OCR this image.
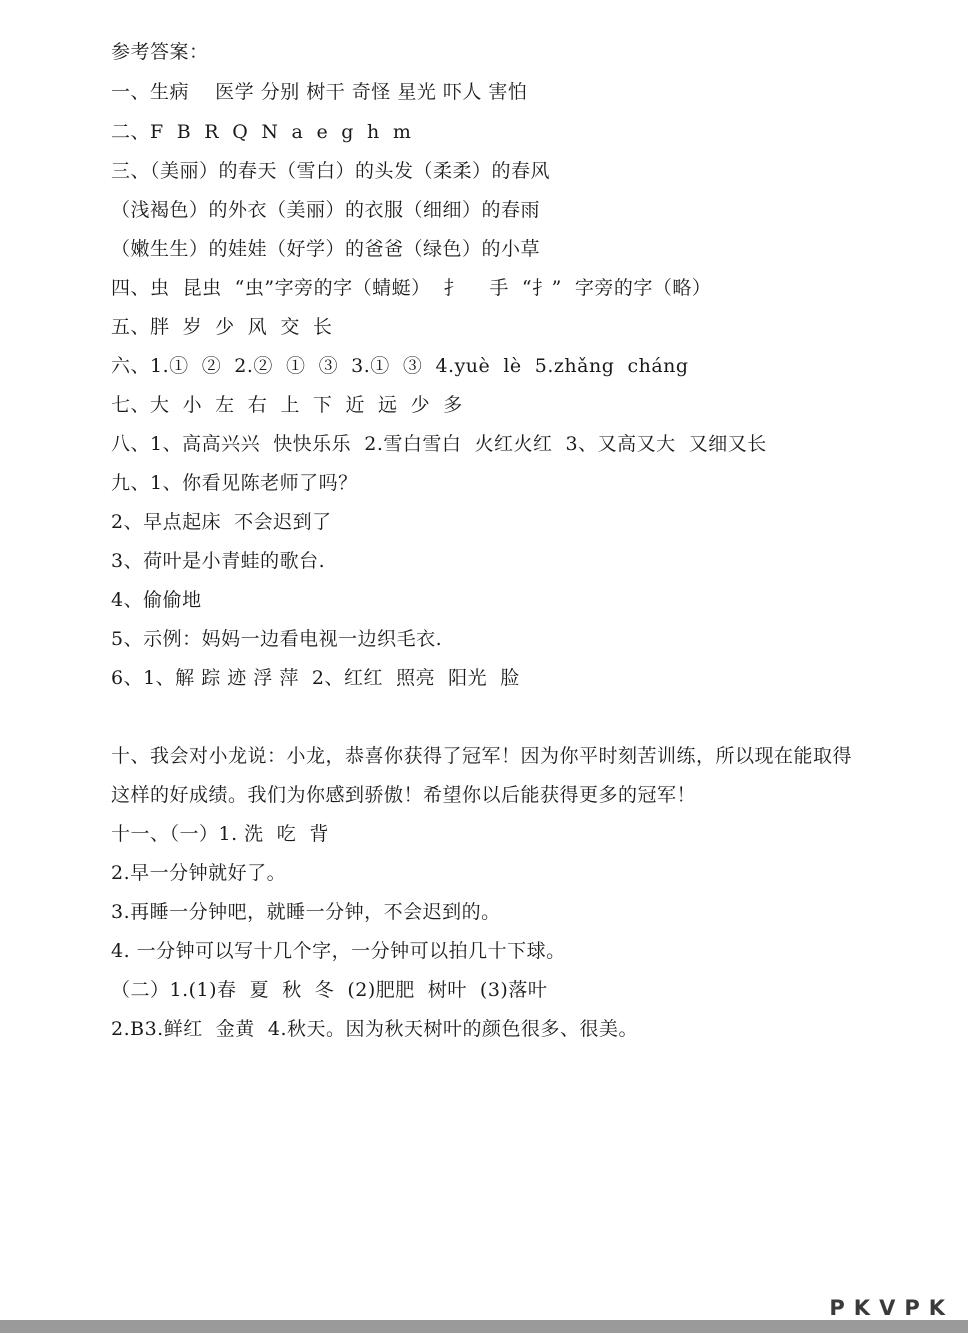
参考答案：
一、生病    医学 分别 树干 奇怪 星光 吓人 害怕
二、F  B  R  Q  N  a  e  g  h  m
三、（美丽）的春天（雪白）的头发（柔柔）的春风
（浅褐色）的外衣（美丽）的衣服（细细）的春雨
（嫩生生）的娃娃（好学）的爸爸（绿色）的小草
四、虫  昆虫  “虫”字旁的字（蜻蜓）  扌    手  “扌”  字旁的字（略）
五、胖  岁  少  风  交  长
六、1.①  ②  2.②  ①  ③  3.①  ③  4.yuè  lè  5.zhǎng  cháng
七、大  小  左  右  上  下  近  远  少  多
八、1、高高兴兴  快快乐乐  2.雪白雪白  火红火红  3、又高又大  又细又长
九、1、你看见陈老师了吗？
2、早点起床  不会迟到了
3、荷叶是小青蛙的歌台.
4、偷偷地
5、示例：妈妈一边看电视一边织毛衣.
6、1、解 踪 迹 浮 萍  2、红红  照亮  阳光  脸
十、我会对小龙说：小龙，恭喜你获得了冠军！因为你平时刻苦训练，所以现在能取得
这样的好成绩。我们为你感到骄傲！希望你以后能获得更多的冠军！
十一、（一）1. 洗  吃  背
2.早一分钟就好了。
3.再睡一分钟吧，就睡一分钟，不会迟到的。
4. 一分钟可以写十几个字，一分钟可以拍几十下球。
（二）1.(1)春  夏  秋  冬  (2)肥肥  树叶  (3)落叶
2.B3.鲜红  金黄  4.秋天。因为秋天树叶的颜色很多、很美。
PKVPK
